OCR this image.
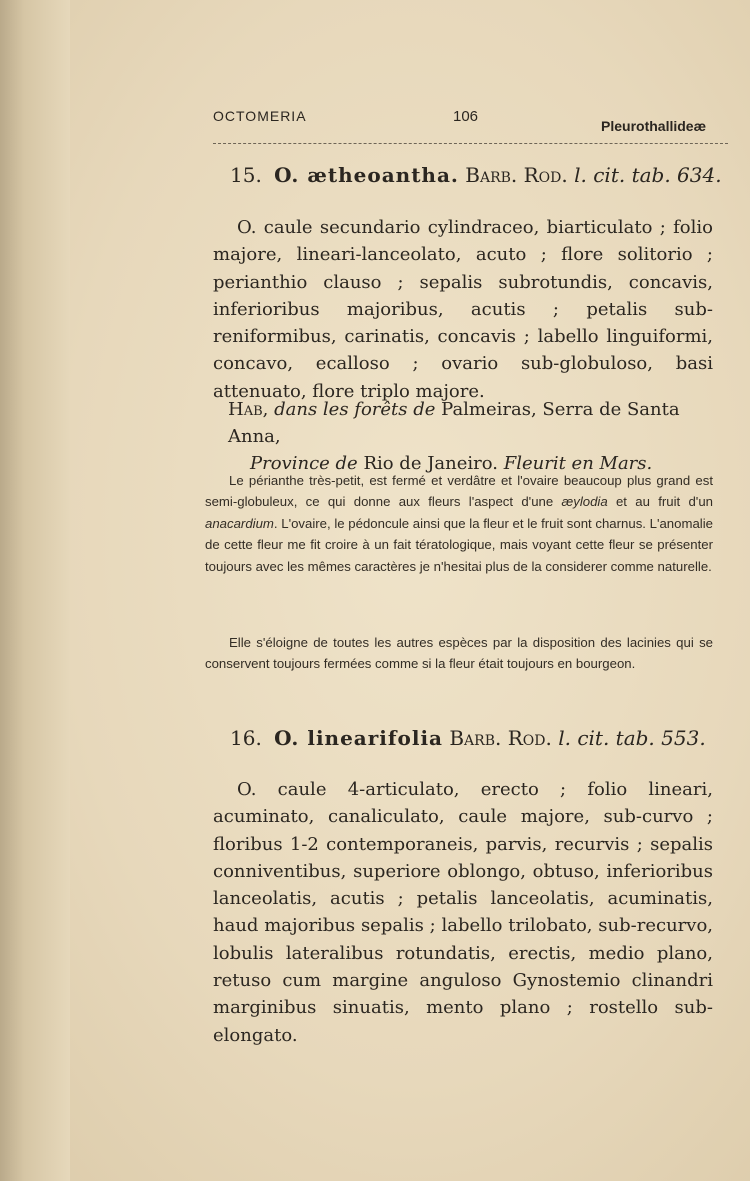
OCTOMERIA	106
Pleurothallideæ
15. O. ætheoantha. Barb. Rod. l. cit. tab. 634.
O. caule secundario cylindraceo, biarticulato ; folio majore, lineari-lanceolato, acuto ; flore solitorio ; perianthio clauso ; sepalis subrotundis, concavis, inferioribus majoribus, acutis ; petalis sub-reniformibus, carinatis, concavis ; labello linguiformi, concavo, ecalloso ; ovario sub-globuloso, basi attenuato, flore triplo majore.
Hab, dans les forêts de Palmeiras, Serra de Santa Anna,
Province de Rio de Janeiro. Fleurit en Mars.
Le périanthe très-petit, est fermé et verdâtre et l'ovaire beaucoup plus grand est semi-globuleux, ce qui donne aux fleurs l'aspect d'une æylodia et au fruit d'un anacardium. L'ovaire, le pédoncule ainsi que la fleur et le fruit sont charnus. L'anomalie de cette fleur me fit croire à un fait tératologique, mais voyant cette fleur se présenter toujours avec les mêmes caractères je n'hesitai plus de la considerer comme naturelle.
Elle s'éloigne de toutes les autres espèces par la disposition des lacinies qui se conservent toujours fermées comme si la fleur était toujours en bourgeon.
16. O. linearifolia Barb. Rod. l. cit. tab. 553.
O. caule 4-articulato, erecto ; folio lineari, acuminato, canaliculato, caule majore, sub-curvo ; floribus 1-2 contemporaneis, parvis, recurvis ; sepalis conniventibus, superiore oblongo, obtuso, inferioribus lanceolatis, acutis ; petalis lanceolatis, acuminatis, haud majoribus sepalis ; labello trilobato, sub-recurvo, lobulis lateralibus rotundatis, erectis, medio plano, retuso cum margine anguloso Gynostemio clinandri marginibus sinuatis, mento plano ; rostello sub-elongato.
